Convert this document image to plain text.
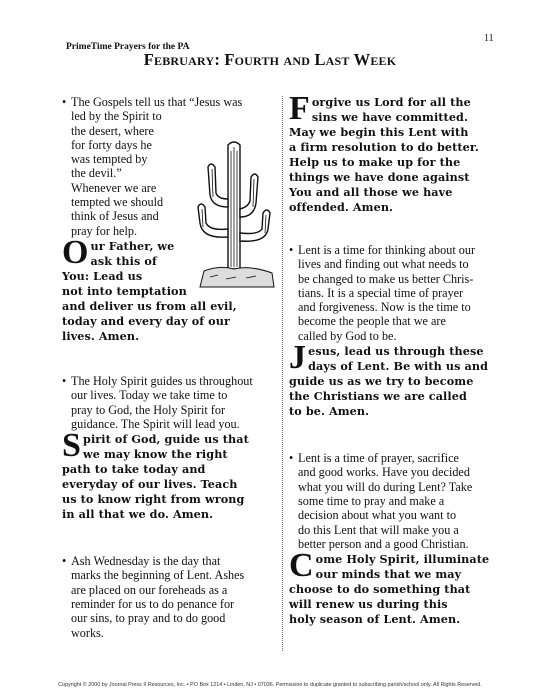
11
PrimeTime Prayers for the PA
February: Fourth and Last Week
• The Gospels tell us that “Jesus was
led by the Spirit to
the desert, where
for forty days he
was tempted by
the devil.”
Whenever we are
tempted we should
think of Jesus and
pray for help.
O ur Father, we
ask this of
You: Lead us
not into temptation
and deliver us from all evil,
today and every day of our
lives. Amen.
• The Holy Spirit guides us throughout
our lives. Today we take time to
pray to God, the Holy Spirit for
guidance. The Spirit will lead you.
S pirit of God, guide us that
we may know the right
path to take today and
everyday of our lives. Teach
us to know right from wrong
in all that we do. Amen.
• Ash Wednesday is the day that
marks the beginning of Lent. Ashes
are placed on our foreheads as a
reminder for us to do penance for
our sins, to pray and to do good
works.
F orgive us Lord for all the
sins we have committed.
May we begin this Lent with
a firm resolution to do better.
Help us to make up for the
things we have done against
You and all those we have
offended. Amen.
• Lent is a time for thinking about our
lives and finding out what needs to
be changed to make us better Chris-
tians. It is a special time of prayer
and forgiveness. Now is the time to
become the people that we are
called by God to be.
J esus, lead us through these
days of Lent. Be with us and
guide us as we try to become
the Christians we are called
to be. Amen.
• Lent is a time of prayer, sacrifice
and good works. Have you decided
what you will do during Lent? Take
some time to pray and make a
decision about what you want to
do this Lent that will make you a
better person and a good Christian.
C ome Holy Spirit, illuminate
our minds that we may
choose to do something that
will renew us during this
holy season of Lent. Amen.
Copyright © 2000 by Journal Press II Resources, Inc. • PO Box 1214 • Linden, NJ • 07036. Permission to duplicate granted to subscribing parish/school only. All Rights Reserved.
